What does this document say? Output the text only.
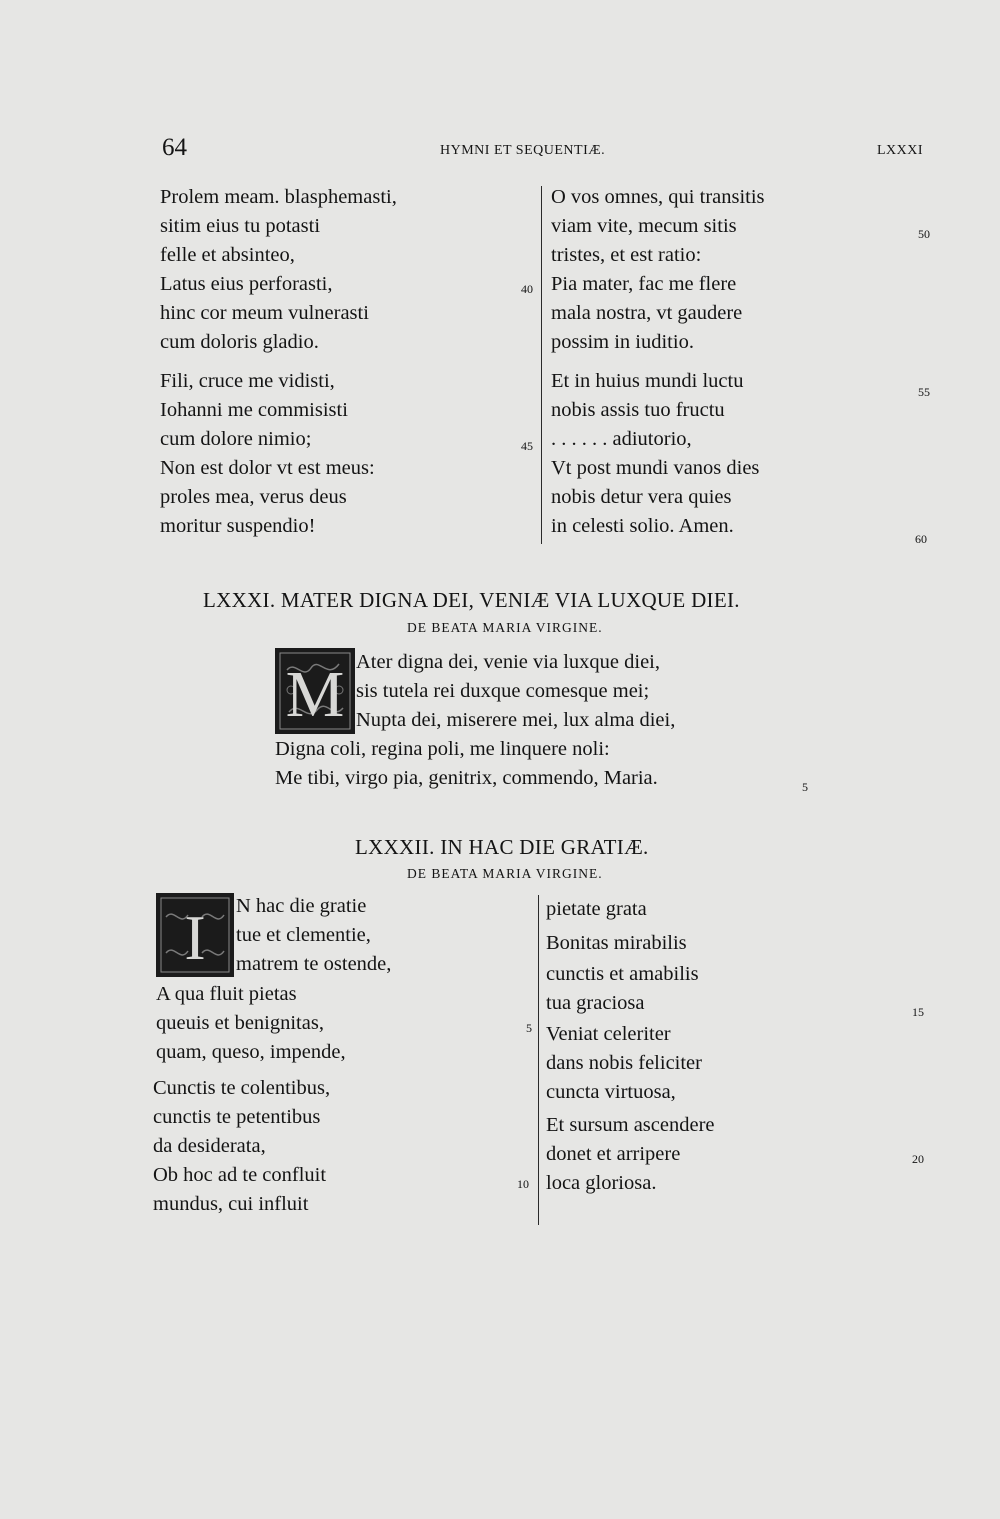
64	HYMNI ET SEQUENTIÆ.	LXXXI
Prolem meam. blasphemasti,
sitim eius tu potasti
felle et absinteo,
Latus eius perforasti,
hinc cor meum vulnerasti
cum doloris gladio.
Fili, cruce me vidisti,
Iohanni me commisisti
cum dolore nimio;
Non est dolor vt est meus:
proles mea, verus deus
moritur suspendio!
40
45
O vos omnes, qui transitis
viam vite, mecum sitis
tristes, et est ratio:
Pia mater, fac me flere
mala nostra, vt gaudere
possim in iuditio.
Et in huius mundi luctu
nobis assis tuo fructu
. . . . . . adiutorio,
Vt post mundi vanos dies
nobis detur vera quies
in celesti solio. Amen.
50
55
60
LXXXI. MATER DIGNA DEI, VENIÆ VIA LUXQUE DIEI.
DE BEATA MARIA VIRGINE.
M Ater digna dei, venie via luxque diei,
sis tutela rei duxque comesque mei;
Nupta dei, miserere mei, lux alma diei,
Digna coli, regina poli, me linquere noli:
Me tibi, virgo pia, genitrix, commendo, Maria.	5
LXXXII. IN HAC DIE GRATIÆ.
DE BEATA MARIA VIRGINE.
I N hac die gratie
tue et clementie,
matrem te ostende,
A qua fluit pietas
queuis et benignitas,
quam, queso, impende,
Cunctis te colentibus,
cunctis te petentibus
da desiderata,
Ob hoc ad te confluit
mundus, cui influit
5
10
pietate grata
Bonitas mirabilis
cunctis et amabilis
tua graciosa
Veniat celeriter
dans nobis feliciter
cuncta virtuosa,
Et sursum ascendere
donet et arripere
loca gloriosa.
15
20
